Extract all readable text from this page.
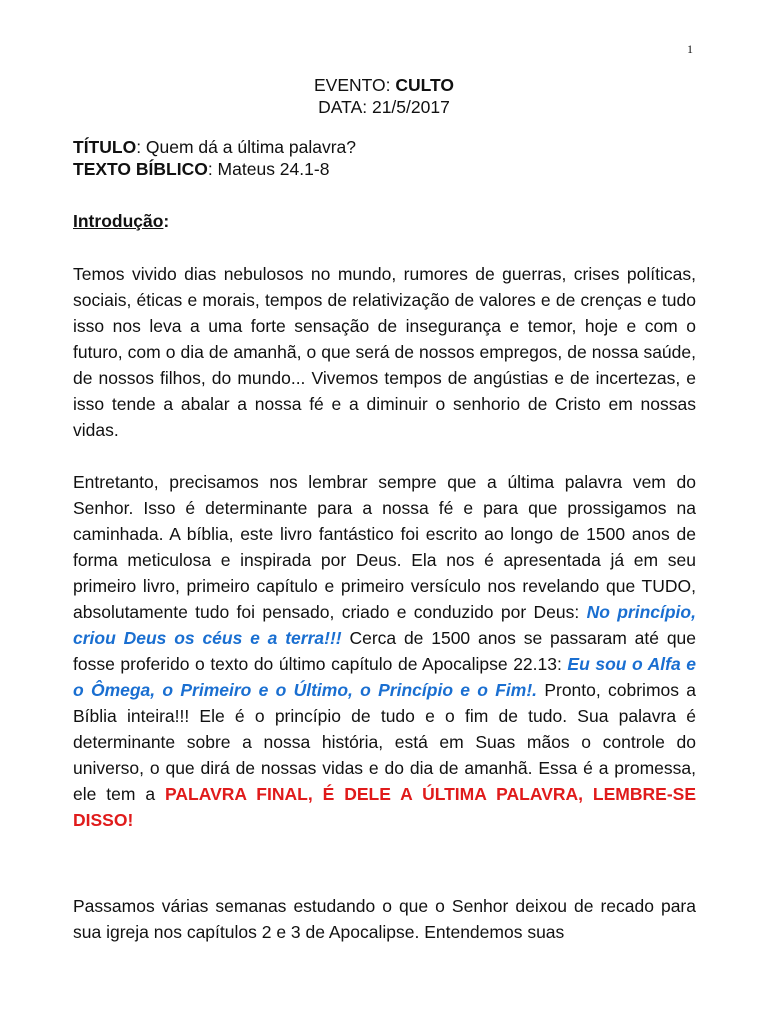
1
EVENTO: CULTO
DATA: 21/5/2017
TÍTULO: Quem dá a última palavra?
TEXTO BÍBLICO: Mateus 24.1-8
Introdução:

Temos vivido dias nebulosos no mundo, rumores de guerras, crises políticas, sociais, éticas e morais, tempos de relativização de valores e de crenças e tudo isso nos leva a uma forte sensação de insegurança e temor, hoje e com o futuro, com o dia de amanhã, o que será de nossos empregos, de nossa saúde, de nossos filhos, do mundo... Vivemos tempos de angústias e de incertezas, e isso tende a abalar a nossa fé e a diminuir o senhorio de Cristo em nossas vidas.

Entretanto, precisamos nos lembrar sempre que a última palavra vem do Senhor. Isso é determinante para a nossa fé e para que prossigamos na caminhada. A bíblia, este livro fantástico foi escrito ao longo de 1500 anos de forma meticulosa e inspirada por Deus. Ela nos é apresentada já em seu primeiro livro, primeiro capítulo e primeiro versículo nos revelando que TUDO, absolutamente tudo foi pensado, criado e conduzido por Deus: No princípio, criou Deus os céus e a terra!!! Cerca de 1500 anos se passaram até que fosse proferido o texto do último capítulo de Apocalipse 22.13: Eu sou o Alfa e o Ômega, o Primeiro e o Último, o Princípio e o Fim!. Pronto, cobrimos a Bíblia inteira!!! Ele é o princípio de tudo e o fim de tudo. Sua palavra é determinante sobre a nossa história, está em Suas mãos o controle do universo, o que dirá de nossas vidas e do dia de amanhã. Essa é a promessa, ele tem a PALAVRA FINAL, É DELE A ÚLTIMA PALAVRA, LEMBRE-SE DISSO!

Passamos várias semanas estudando o que o Senhor deixou de recado para sua igreja nos capítulos 2 e 3 de Apocalipse. Entendemos suas
